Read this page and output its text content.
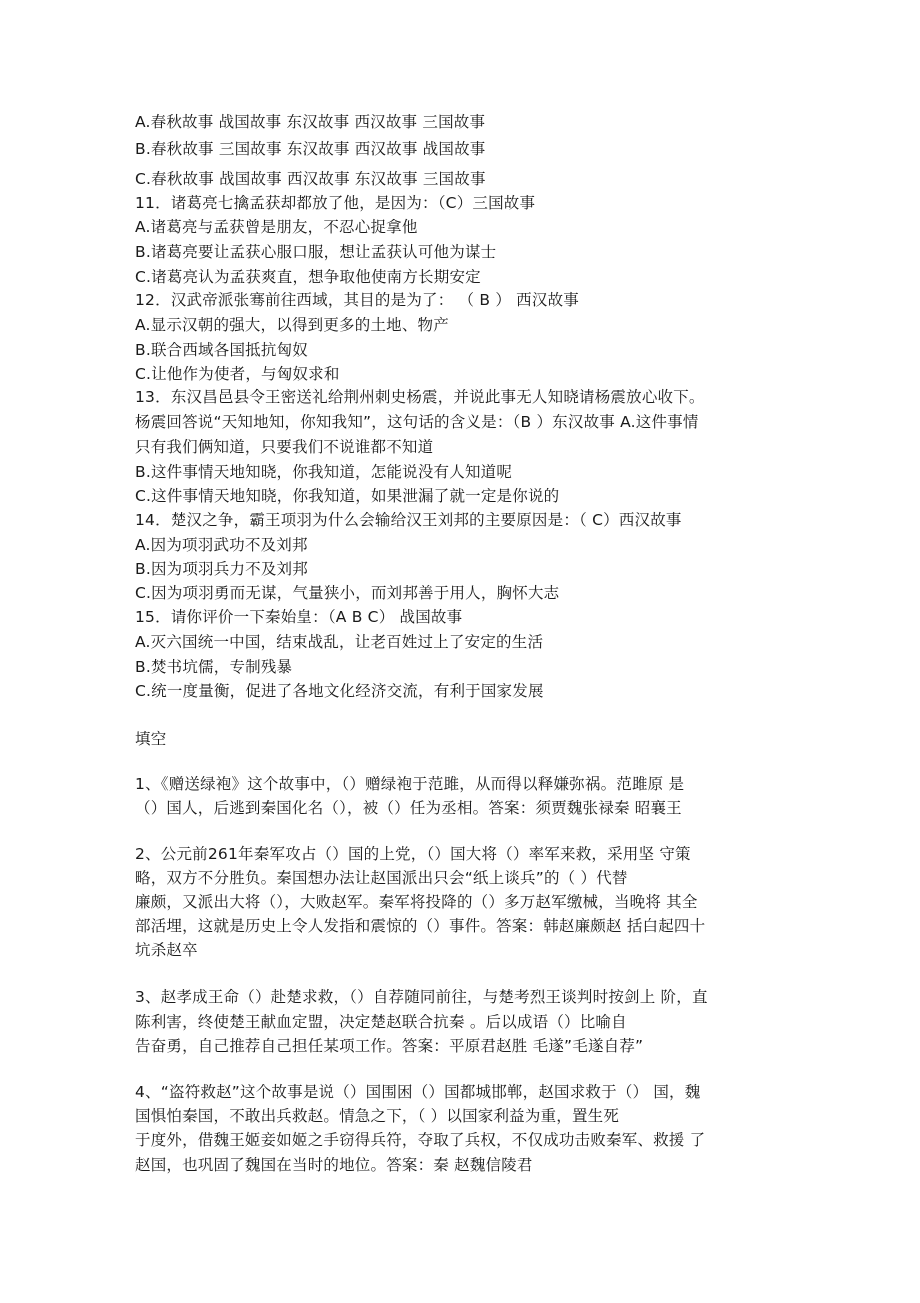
A.春秋故事 战国故事 东汉故事 西汉故事 三国故事
B.春秋故事 三国故事 东汉故事 西汉故事 战国故事
C.春秋故事 战国故事 西汉故事 东汉故事 三国故事
11．诸葛亮七擒孟获却都放了他，是因为：（C）三国故事
A.诸葛亮与孟获曾是朋友，不忍心捉拿他
B.诸葛亮要让孟获心服口服，想让孟获认可他为谋士
C.诸葛亮认为孟获爽直，想争取他使南方长期安定
12．汉武帝派张骞前往西域，其目的是为了： （ B ） 西汉故事
A.显示汉朝的强大，以得到更多的土地、物产
B.联合西域各国抵抗匈奴
C.让他作为使者，与匈奴求和
13．东汉昌邑县令王密送礼给荆州刺史杨震，并说此事无人知晓请杨震放心收下。
杨震回答说“天知地知，你知我知”，这句话的含义是：（B ）东汉故事 A.这件事情
只有我们俩知道，只要我们不说谁都不知道
B.这件事情天地知晓，你我知道，怎能说没有人知道呢
C.这件事情天地知晓，你我知道，如果泄漏了就一定是你说的
14．楚汉之争，霸王项羽为什么会输给汉王刘邦的主要原因是：（ C）西汉故事
A.因为项羽武功不及刘邦
B.因为项羽兵力不及刘邦
C.因为项羽勇而无谋，气量狭小，而刘邦善于用人，胸怀大志
15．请你评价一下秦始皇：（A B C） 战国故事
A.灭六国统一中国，结束战乱，让老百姓过上了安定的生活
B.焚书坑儒，专制残暴
C.统一度量衡，促进了各地文化经济交流，有利于国家发展
填空
1、《赠送绿袍》这个故事中，（）赠绿袍于范雎，从而得以释嫌弥祸。范雎原 是
（）国人，后逃到秦国化名（），被（）任为丞相。答案：须贾魏张禄秦 昭襄王
2、公元前261年秦军攻占（）国的上党，（）国大将（）率军来救，采用坚 守策
略，双方不分胜负。秦国想办法让赵国派出只会“纸上谈兵”的（ ）代替
廉颇，又派出大将（），大败赵军。秦军将投降的（）多万赵军缴械，当晚将 其全
部活埋，这就是历史上令人发指和震惊的（）事件。答案：韩赵廉颇赵 括白起四十
坑杀赵卒
3、赵孝成王命（）赴楚求救，（）自荐随同前往，与楚考烈王谈判时按剑上 阶，直
陈利害，终使楚王献血定盟，决定楚赵联合抗秦 。后以成语（）比喻自
告奋勇，自己推荐自己担任某项工作。答案：平原君赵胜 毛遂”毛遂自荐”
4、“盗符救赵”这个故事是说（）国围困（）国都城邯郸，赵国求救于（） 国，魏
国惧怕秦国，不敢出兵救赵。情急之下，（ ）以国家利益为重，置生死
于度外，借魏王姬妾如姬之手窃得兵符，夺取了兵权，不仅成功击败秦军、救援 了
赵国，也巩固了魏国在当时的地位。答案：秦 赵魏信陵君
